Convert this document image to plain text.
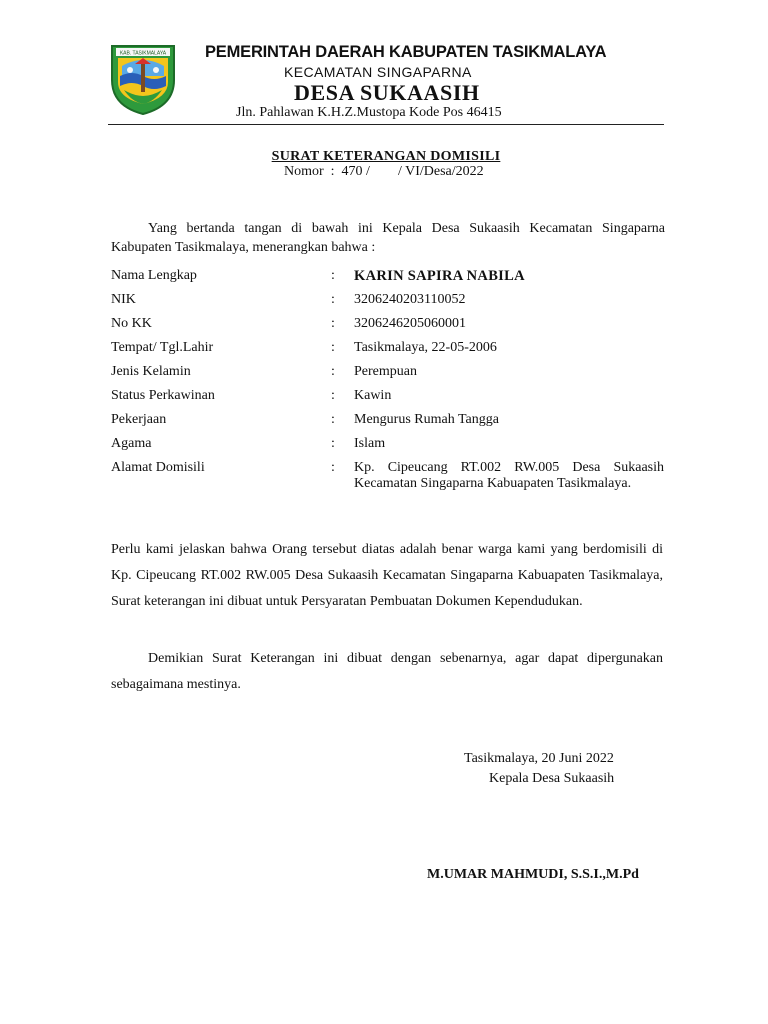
KAB. TASIKMALAYA PEMERINTAH DAERAH KABUPATEN TASIKMALAYA
KECAMATAN SINGAPARNA
DESA SUKAASIH
Jln. Pahlawan K.H.Z.Mustopa Kode Pos 46415
SURAT KETERANGAN DOMISILI
Nomor  :  470 /        / VI/Desa/2022
Yang bertanda tangan di bawah ini Kepala Desa Sukaasih Kecamatan Singaparna Kabupaten Tasikmalaya, menerangkan bahwa :
Nama Lengkap	: KARIN SAPIRA NABILA
NIK	: 3206240203110052
No KK	: 3206246205060001
Tempat/ Tgl.Lahir	: Tasikmalaya, 22-05-2006
Jenis Kelamin	: Perempuan
Status Perkawinan	: Kawin
Pekerjaan	: Mengurus Rumah Tangga
Agama	: Islam
Alamat Domisili	: Kp. Cipeucang RT.002 RW.005 Desa Sukaasih Kecamatan Singaparna Kabuapaten Tasikmalaya.
Perlu kami jelaskan bahwa Orang tersebut diatas adalah benar warga kami yang berdomisili di Kp. Cipeucang RT.002 RW.005 Desa Sukaasih Kecamatan Singaparna Kabuapaten Tasikmalaya, Surat keterangan ini dibuat untuk Persyaratan Pembuatan Dokumen Kependudukan.
Demikian Surat Keterangan ini dibuat dengan sebenarnya, agar dapat dipergunakan sebagaimana mestinya.
Tasikmalaya, 20 Juni 2022
Kepala Desa Sukaasih
M.UMAR MAHMUDI, S.S.I.,M.Pd
